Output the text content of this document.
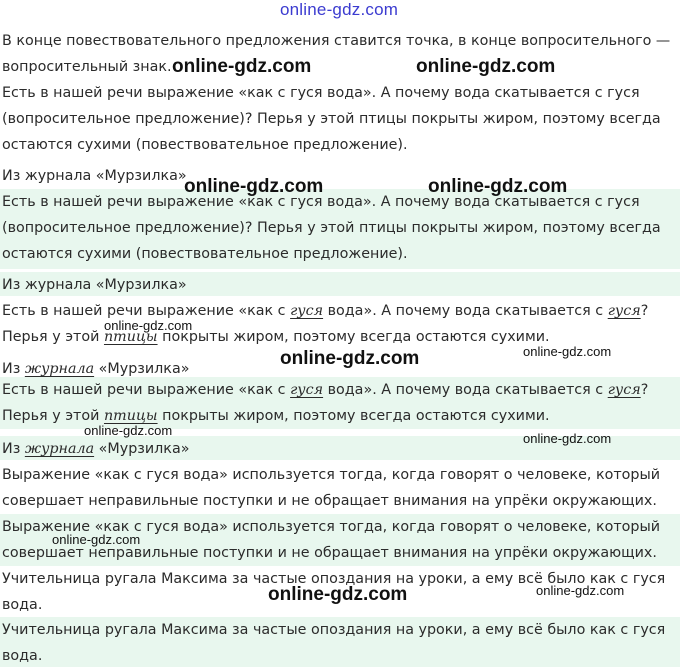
online-gdz.com
В конце повествовательного предложения ставится точка, в конце вопросительного —
вопросительный знак.
Есть в нашей речи выражение «как с гуся вода». А почему вода скатывается с гуся
(вопросительное предложение)? Перья у этой птицы покрыты жиром, поэтому всегда
остаются сухими (повествовательное предложение).
Из журнала «Мурзилка»
Есть в нашей речи выражение «как с гуся вода». А почему вода скатывается с гуся
(вопросительное предложение)? Перья у этой птицы покрыты жиром, поэтому всегда
остаются сухими (повествовательное предложение).
Из журнала «Мурзилка»
Есть в нашей речи выражение «как с гуся вода». А почему вода скатывается с гуся?
Перья у этой птицы покрыты жиром, поэтому всегда остаются сухими.
Из журнала «Мурзилка»
Есть в нашей речи выражение «как с гуся вода». А почему вода скатывается с гуся?
Перья у этой птицы покрыты жиром, поэтому всегда остаются сухими.
Из журнала «Мурзилка»
Выражение «как с гуся вода» используется тогда, когда говорят о человеке, который
совершает неправильные поступки и не обращает внимания на упрёки окружающих.
Выражение «как с гуся вода» используется тогда, когда говорят о человеке, который
совершает неправильные поступки и не обращает внимания на упрёки окружающих.
Учительница ругала Максима за частые опоздания на уроки, а ему всё было как с гуся
вода.
Учительница ругала Максима за частые опоздания на уроки, а ему всё было как с гуся
вода.
online-gdz.com	online-gdz.com
online-gdz.com	online-gdz.com
online-gdz.com
online-gdz.com	online-gdz.com
online-gdz.com
online-gdz.com
online-gdz.com
online-gdz.com	online-gdz.com
